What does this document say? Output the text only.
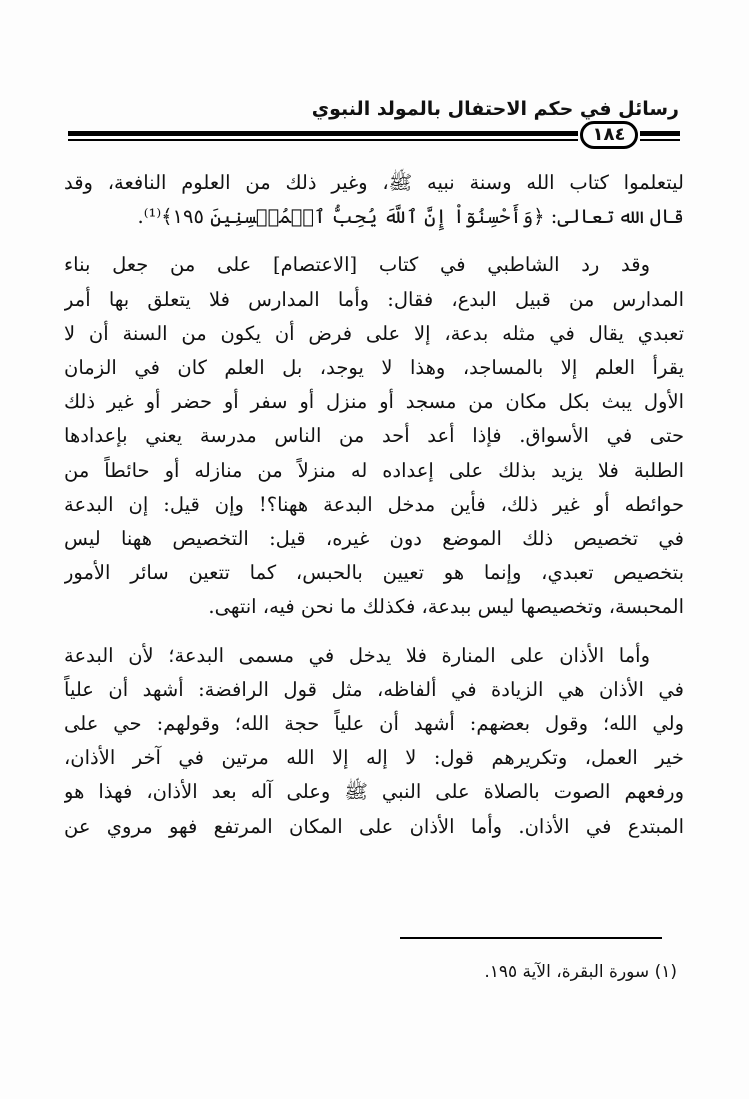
رسائل في حكم الاحتفال بالمولد النبوي
١٨٤

ليتعلموا كتاب الله وسنة نبيه ﷺ، وغير ذلك من العلوم النافعة، وقد
قال الله تعالى: ﴿وَأَحْسِنُوٓاْ إِنَّ ٱللَّهَ يُحِبُّ ٱلۡمُحۡسِنِينَ ١٩٥﴾⁽¹⁾.

وقد رد الشاطبي في كتاب [الاعتصام] على من جعل بناء
المدارس من قبيل البدع، فقال: وأما المدارس فلا يتعلق بها أمر
تعبدي يقال في مثله بدعة، إلا على فرض أن يكون من السنة أن لا
يقرأ العلم إلا بالمساجد، وهذا لا يوجد، بل العلم كان في الزمان
الأول يبث بكل مكان من مسجد أو منزل أو سفر أو حضر أو غير ذلك
حتى في الأسواق. فإذا أعد أحد من الناس مدرسة يعني بإعدادها
الطلبة فلا يزيد بذلك على إعداده له منزلاً من منازله أو حائطاً من
حوائطه أو غير ذلك، فأين مدخل البدعة ههنا؟! وإن قيل: إن البدعة
في تخصيص ذلك الموضع دون غيره، قيل: التخصيص ههنا ليس
بتخصيص تعبدي، وإنما هو تعيين بالحبس، كما تتعين سائر الأمور
المحبسة، وتخصيصها ليس ببدعة، فكذلك ما نحن فيه، انتهى.

وأما الأذان على المنارة فلا يدخل في مسمى البدعة؛ لأن البدعة
في الأذان هي الزيادة في ألفاظه، مثل قول الرافضة: أشهد أن علياً
ولي الله؛ وقول بعضهم: أشهد أن علياً حجة الله؛ وقولهم: حي على
خير العمل، وتكريرهم قول: لا إله إلا الله مرتين في آخر الأذان،
ورفعهم الصوت بالصلاة على النبي ﷺ وعلى آله بعد الأذان، فهذا هو
المبتدع في الأذان. وأما الأذان على المكان المرتفع فهو مروي عن

(١) سورة البقرة، الآية ١٩٥.
